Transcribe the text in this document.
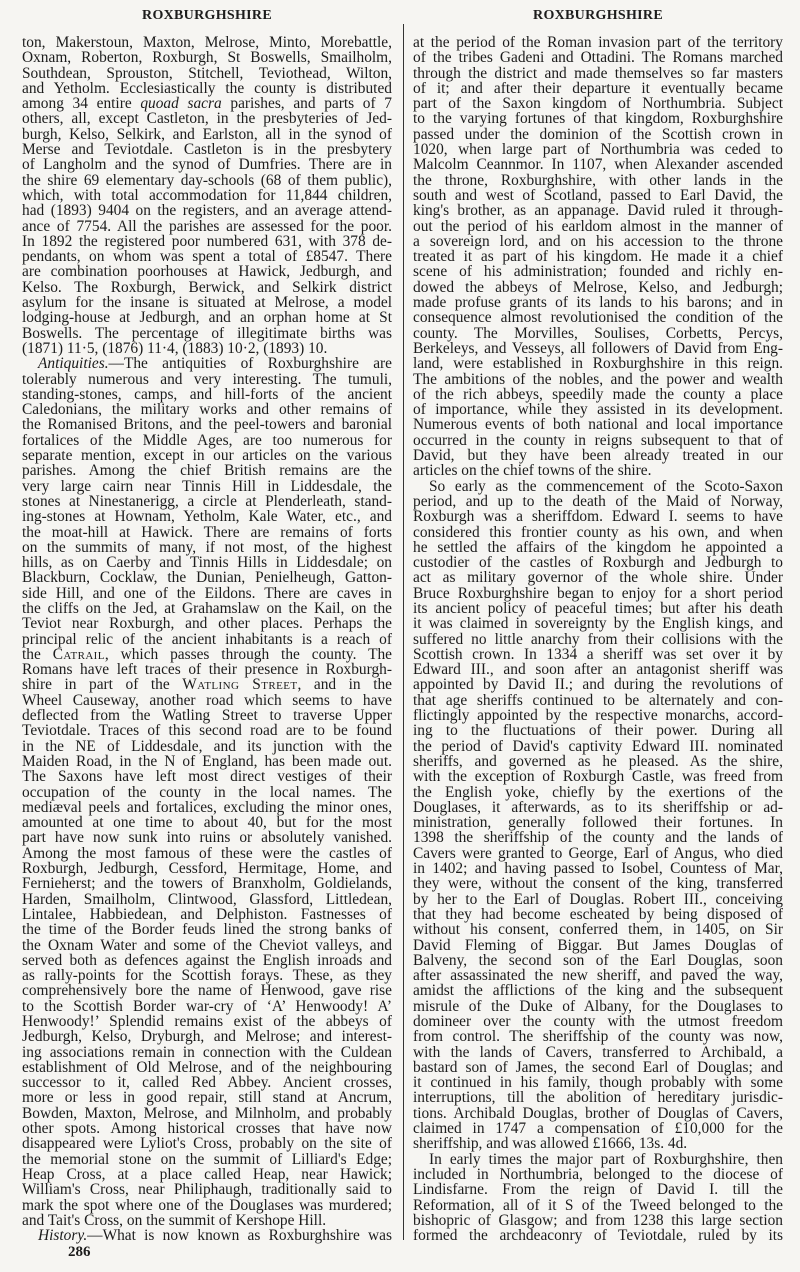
ROXBURGHSHIRE	ROXBURGHSHIRE
ton, Makerstoun, Maxton, Melrose, Minto, Morebattle,
Oxnam, Roberton, Roxburgh, St Boswells, Smailholm,
Southdean, Sprouston, Stitchell, Teviothead, Wilton,
and Yetholm. Ecclesiastically the county is distributed
among 34 entire quoad sacra parishes, and parts of 7
others, all, except Castleton, in the presbyteries of Jed-
burgh, Kelso, Selkirk, and Earlston, all in the synod of
Merse and Teviotdale. Castleton is in the presbytery
of Langholm and the synod of Dumfries. There are in
the shire 69 elementary day-schools (68 of them public),
which, with total accommodation for 11,844 children,
had (1893) 9404 on the registers, and an average attend-
ance of 7754. All the parishes are assessed for the poor.
In 1892 the registered poor numbered 631, with 378 de-
pendants, on whom was spent a total of £8547. There
are combination poorhouses at Hawick, Jedburgh, and
Kelso. The Roxburgh, Berwick, and Selkirk district
asylum for the insane is situated at Melrose, a model
lodging-house at Jedburgh, and an orphan home at St
Boswells. The percentage of illegitimate births was
(1871) 11·5, (1876) 11·4, (1883) 10·2, (1893) 10.
Antiquities.—The antiquities of Roxburghshire are
tolerably numerous and very interesting. The tumuli,
standing-stones, camps, and hill-forts of the ancient
Caledonians, the military works and other remains of
the Romanised Britons, and the peel-towers and baronial
fortalices of the Middle Ages, are too numerous for
separate mention, except in our articles on the various
parishes. Among the chief British remains are the
very large cairn near Tinnis Hill in Liddesdale, the
stones at Ninestanerigg, a circle at Plenderleath, stand-
ing-stones at Hownam, Yetholm, Kale Water, etc., and
the moat-hill at Hawick. There are remains of forts
on the summits of many, if not most, of the highest
hills, as on Caerby and Tinnis Hills in Liddesdale; on
Blackburn, Cocklaw, the Dunian, Penielheugh, Gatton-
side Hill, and one of the Eildons. There are caves in
the cliffs on the Jed, at Grahamslaw on the Kail, on the
Teviot near Roxburgh, and other places. Perhaps the
principal relic of the ancient inhabitants is a reach of
the Catrail, which passes through the county. The
Romans have left traces of their presence in Roxburgh-
shire in part of the Watling Street, and in the
Wheel Causeway, another road which seems to have
deflected from the Watling Street to traverse Upper
Teviotdale. Traces of this second road are to be found
in the NE of Liddesdale, and its junction with the
Maiden Road, in the N of England, has been made out.
The Saxons have left most direct vestiges of their
occupation of the county in the local names. The
mediæval peels and fortalices, excluding the minor ones,
amounted at one time to about 40, but for the most
part have now sunk into ruins or absolutely vanished.
Among the most famous of these were the castles of
Roxburgh, Jedburgh, Cessford, Hermitage, Home, and
Fernieherst; and the towers of Branxholm, Goldielands,
Harden, Smailholm, Clintwood, Glassford, Littledean,
Lintalee, Habbiedean, and Delphiston. Fastnesses of
the time of the Border feuds lined the strong banks of
the Oxnam Water and some of the Cheviot valleys, and
served both as defences against the English inroads and
as rally-points for the Scottish forays. These, as they
comprehensively bore the name of Henwood, gave rise
to the Scottish Border war-cry of ‘A’ Henwoody! A’
Henwoody!’ Splendid remains exist of the abbeys of
Jedburgh, Kelso, Dryburgh, and Melrose; and interest-
ing associations remain in connection with the Culdean
establishment of Old Melrose, and of the neighbouring
successor to it, called Red Abbey. Ancient crosses,
more or less in good repair, still stand at Ancrum,
Bowden, Maxton, Melrose, and Milnholm, and probably
other spots. Among historical crosses that have now
disappeared were Lyliot's Cross, probably on the site of
the memorial stone on the summit of Lilliard's Edge;
Heap Cross, at a place called Heap, near Hawick;
William's Cross, near Philiphaugh, traditionally said to
mark the spot where one of the Douglases was murdered;
and Tait's Cross, on the summit of Kershope Hill.
History.—What is now known as Roxburghshire was
at the period of the Roman invasion part of the territory
of the tribes Gadeni and Ottadini. The Romans marched
through the district and made themselves so far masters
of it; and after their departure it eventually became
part of the Saxon kingdom of Northumbria. Subject
to the varying fortunes of that kingdom, Roxburghshire
passed under the dominion of the Scottish crown in
1020, when large part of Northumbria was ceded to
Malcolm Ceannmor. In 1107, when Alexander ascended
the throne, Roxburghshire, with other lands in the
south and west of Scotland, passed to Earl David, the
king's brother, as an appanage. David ruled it through-
out the period of his earldom almost in the manner of
a sovereign lord, and on his accession to the throne
treated it as part of his kingdom. He made it a chief
scene of his administration; founded and richly en-
dowed the abbeys of Melrose, Kelso, and Jedburgh;
made profuse grants of its lands to his barons; and in
consequence almost revolutionised the condition of the
county. The Morvilles, Soulises, Corbetts, Percys,
Berkeleys, and Vesseys, all followers of David from Eng-
land, were established in Roxburghshire in this reign.
The ambitions of the nobles, and the power and wealth
of the rich abbeys, speedily made the county a place
of importance, while they assisted in its development.
Numerous events of both national and local importance
occurred in the county in reigns subsequent to that of
David, but they have been already treated in our
articles on the chief towns of the shire.
So early as the commencement of the Scoto-Saxon
period, and up to the death of the Maid of Norway,
Roxburgh was a sheriffdom. Edward I. seems to have
considered this frontier county as his own, and when
he settled the affairs of the kingdom he appointed a
custodier of the castles of Roxburgh and Jedburgh to
act as military governor of the whole shire. Under
Bruce Roxburghshire began to enjoy for a short period
its ancient policy of peaceful times; but after his death
it was claimed in sovereignty by the English kings, and
suffered no little anarchy from their collisions with the
Scottish crown. In 1334 a sheriff was set over it by
Edward III., and soon after an antagonist sheriff was
appointed by David II.; and during the revolutions of
that age sheriffs continued to be alternately and con-
flictingly appointed by the respective monarchs, accord-
ing to the fluctuations of their power. During all
the period of David's captivity Edward III. nominated
sheriffs, and governed as he pleased. As the shire,
with the exception of Roxburgh Castle, was freed from
the English yoke, chiefly by the exertions of the
Douglases, it afterwards, as to its sheriffship or ad-
ministration, generally followed their fortunes. In
1398 the sheriffship of the county and the lands of
Cavers were granted to George, Earl of Angus, who died
in 1402; and having passed to Isobel, Countess of Mar,
they were, without the consent of the king, transferred
by her to the Earl of Douglas. Robert III., conceiving
that they had become escheated by being disposed of
without his consent, conferred them, in 1405, on Sir
David Fleming of Biggar. But James Douglas of
Balveny, the second son of the Earl Douglas, soon
after assassinated the new sheriff, and paved the way,
amidst the afflictions of the king and the subsequent
misrule of the Duke of Albany, for the Douglases to
domineer over the county with the utmost freedom
from control. The sheriffship of the county was now,
with the lands of Cavers, transferred to Archibald, a
bastard son of James, the second Earl of Douglas; and
it continued in his family, though probably with some
interruptions, till the abolition of hereditary jurisdic-
tions. Archibald Douglas, brother of Douglas of Cavers,
claimed in 1747 a compensation of £10,000 for the
sheriffship, and was allowed £1666, 13s. 4d.
In early times the major part of Roxburghshire, then
included in Northumbria, belonged to the diocese of
Lindisfarne. From the reign of David I. till the
Reformation, all of it S of the Tweed belonged to the
bishopric of Glasgow; and from 1238 this large section
formed the archdeaconry of Teviotdale, ruled by its
286
